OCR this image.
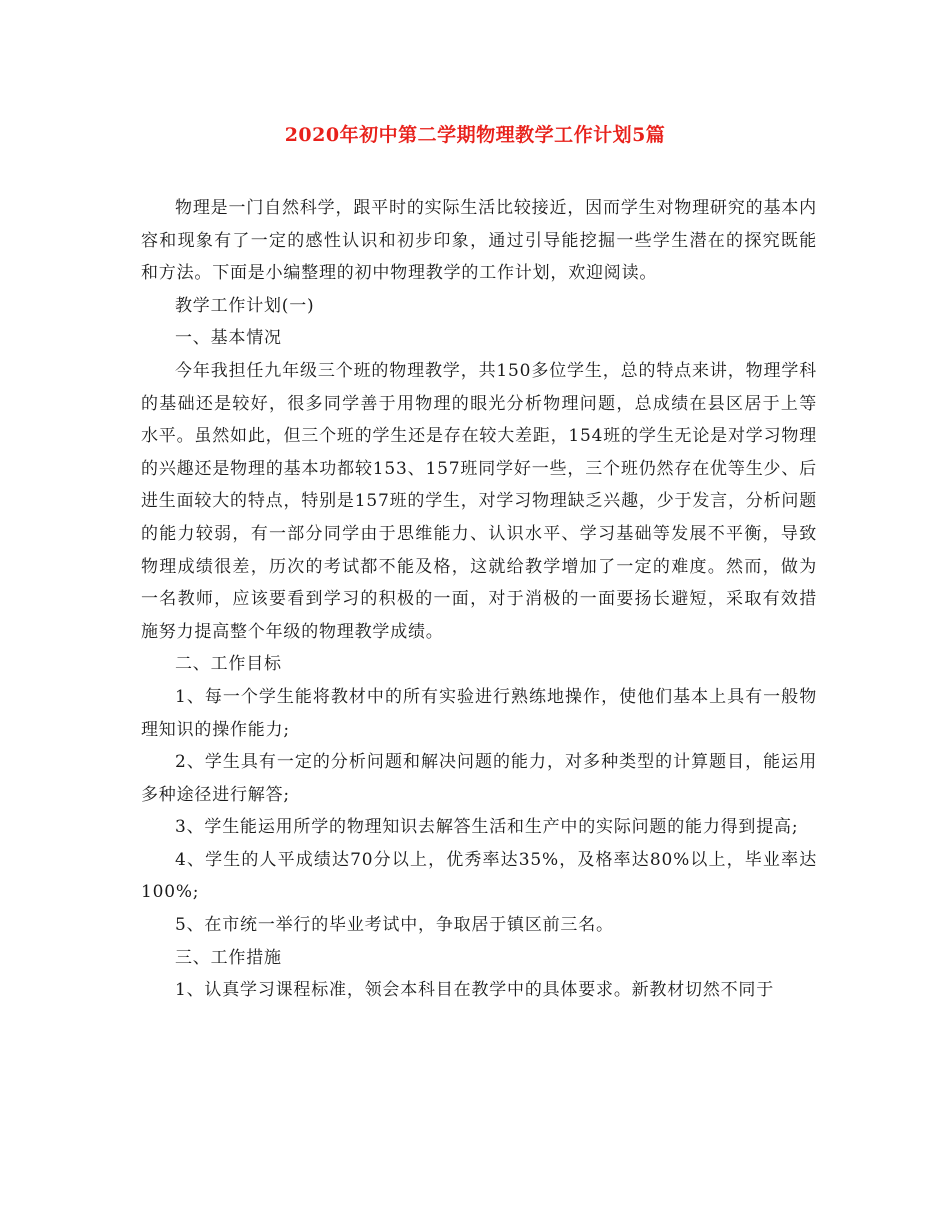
2020年初中第二学期物理教学工作计划5篇

物理是一门自然科学，跟平时的实际生活比较接近，因而学生对物理研究的基本内容和现象有了一定的感性认识和初步印象，通过引导能挖掘一些学生潜在的探究既能和方法。下面是小编整理的初中物理教学的工作计划，欢迎阅读。

教学工作计划(一)

一、基本情况

今年我担任九年级三个班的物理教学，共150多位学生，总的特点来讲，物理学科的基础还是较好，很多同学善于用物理的眼光分析物理问题，总成绩在县区居于上等水平。虽然如此，但三个班的学生还是存在较大差距，154班的学生无论是对学习物理的兴趣还是物理的基本功都较153、157班同学好一些，三个班仍然存在优等生少、后进生面较大的特点，特别是157班的学生，对学习物理缺乏兴趣，少于发言，分析问题的能力较弱，有一部分同学由于思维能力、认识水平、学习基础等发展不平衡，导致物理成绩很差，历次的考试都不能及格，这就给教学增加了一定的难度。然而，做为一名教师，应该要看到学习的积极的一面，对于消极的一面要扬长避短，采取有效措施努力提高整个年级的物理教学成绩。

二、工作目标

1、每一个学生能将教材中的所有实验进行熟练地操作，使他们基本上具有一般物理知识的操作能力;

2、学生具有一定的分析问题和解决问题的能力，对多种类型的计算题目，能运用多种途径进行解答;

3、学生能运用所学的物理知识去解答生活和生产中的实际问题的能力得到提高;

4、学生的人平成绩达70分以上，优秀率达35%，及格率达80%以上，毕业率达100%;

5、在市统一举行的毕业考试中，争取居于镇区前三名。

三、工作措施

1、认真学习课程标准，领会本科目在教学中的具体要求。新教材切然不同于
